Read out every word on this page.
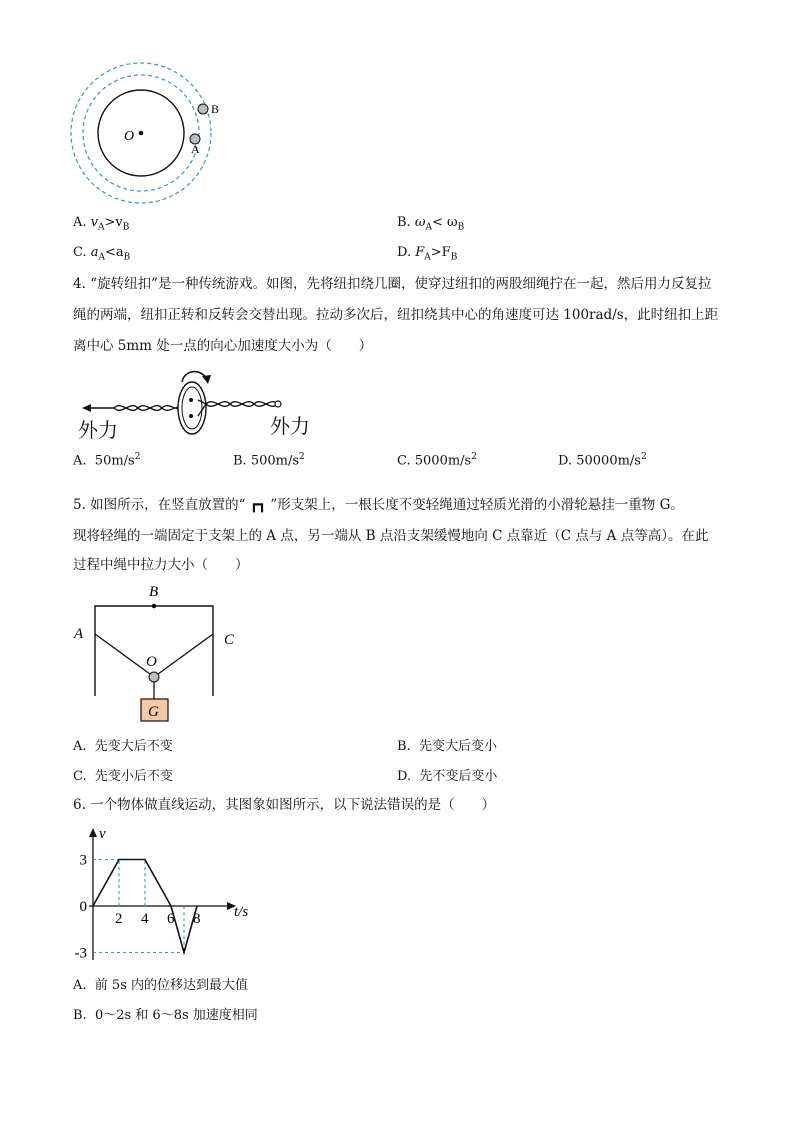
O
B
A
A. $v_A>v_B$	B. $\omega_A< \omega_B$
C. $a_A<a_B$	D. $F_A>F_B$
4. “旋转纽扣”是一种传统游戏。如图，先将纽扣绕几圈，使穿过纽扣的两股细绳拧在一起，然后用力反复拉
绳的两端，纽扣正转和反转会交替出现。拉动多次后，纽扣绕其中心的角速度可达 100rad/s，此时纽扣上距
离中心 5mm 处一点的向心加速度大小为（　　）
外力	外力
A. $50m/s^2$	B. $500m/s^2$	C. $5000m/s^2$	D. $50000m/s^2$
5. 如图所示，在竖直放置的“ ┏┓ ”形支架上，一根长度不变轻绳通过轻质光滑的小滑轮悬挂一重物 G。
现将轻绳的一端固定于支架上的 A 点，另一端从 B 点沿支架缓慢地向 C 点靠近（C 点与 A 点等高）。在此
过程中绳中拉力大小（　　）
B
A	C
O
G
A. 先变大后不变	B. 先变大后变小
C. 先变小后不变	D. 先不变后变小
6. 一个物体做直线运动，其图象如图所示，以下说法错误的是（　　）
v
t/s
2 4 6 8
3
0
-3
A. 前 5s 内的位移达到最大值
B. 0～2s 和 6～8s 加速度相同
